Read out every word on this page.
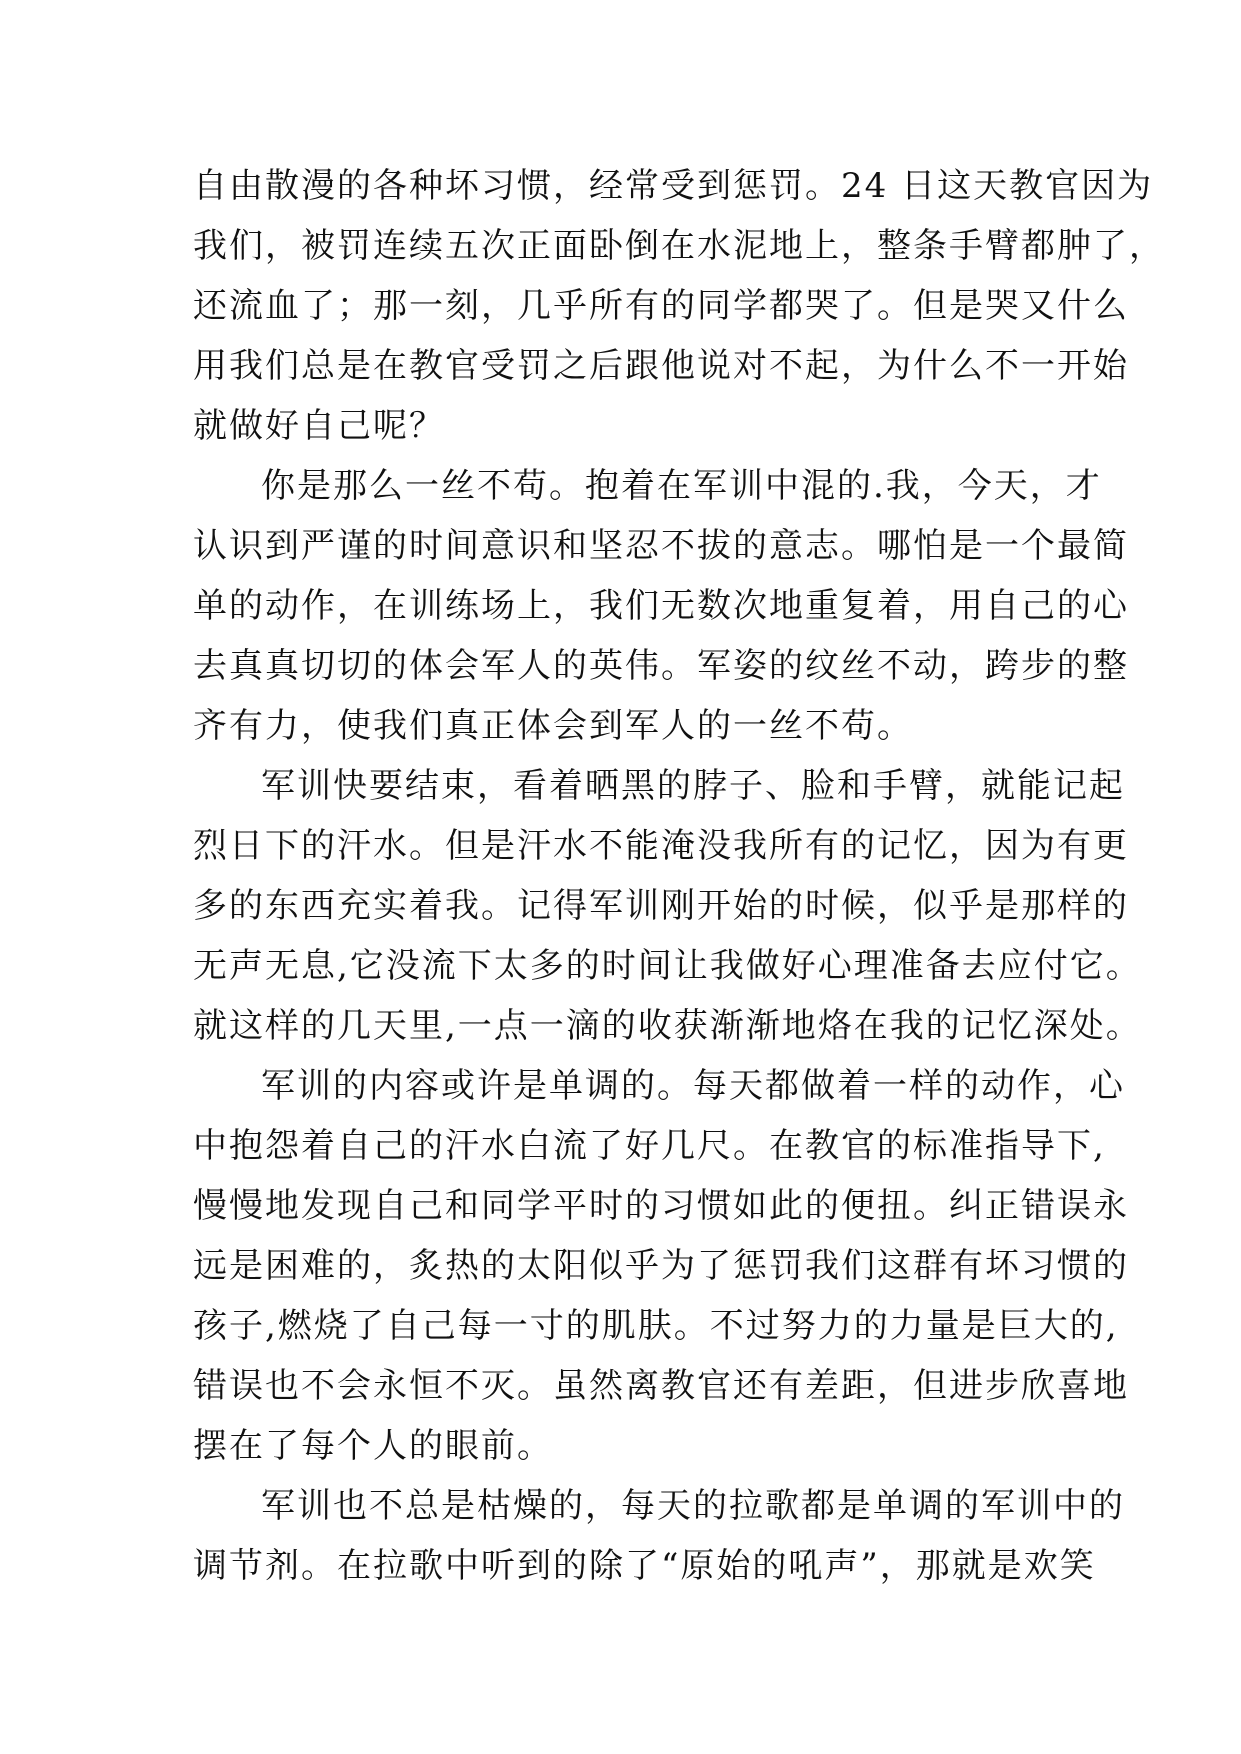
自由散漫的各种坏习惯，经常受到惩罚。24 日这天教官因为
我们，被罚连续五次正面卧倒在水泥地上，整条手臂都肿了，
还流血了；那一刻，几乎所有的同学都哭了。但是哭又什么
用我们总是在教官受罚之后跟他说对不起，为什么不一开始
就做好自己呢？
你是那么一丝不苟。抱着在军训中混的.我，今天，才
认识到严谨的时间意识和坚忍不拔的意志。哪怕是一个最简
单的动作，在训练场上，我们无数次地重复着，用自己的心
去真真切切的体会军人的英伟。军姿的纹丝不动，跨步的整
齐有力，使我们真正体会到军人的一丝不苟。
军训快要结束，看着晒黑的脖子、脸和手臂，就能记起
烈日下的汗水。但是汗水不能淹没我所有的记忆，因为有更
多的东西充实着我。记得军训刚开始的时候，似乎是那样的
无声无息,它没流下太多的时间让我做好心理准备去应付它。
就这样的几天里,一点一滴的收获渐渐地烙在我的记忆深处。
军训的内容或许是单调的。每天都做着一样的动作，心
中抱怨着自己的汗水白流了好几尺。在教官的标准指导下,
慢慢地发现自己和同学平时的习惯如此的便扭。纠正错误永
远是困难的，炙热的太阳似乎为了惩罚我们这群有坏习惯的
孩子,燃烧了自己每一寸的肌肤。不过努力的力量是巨大的,
错误也不会永恒不灭。虽然离教官还有差距，但进步欣喜地
摆在了每个人的眼前。
军训也不总是枯燥的，每天的拉歌都是单调的军训中的
调节剂。在拉歌中听到的除了“原始的吼声”，那就是欢笑
